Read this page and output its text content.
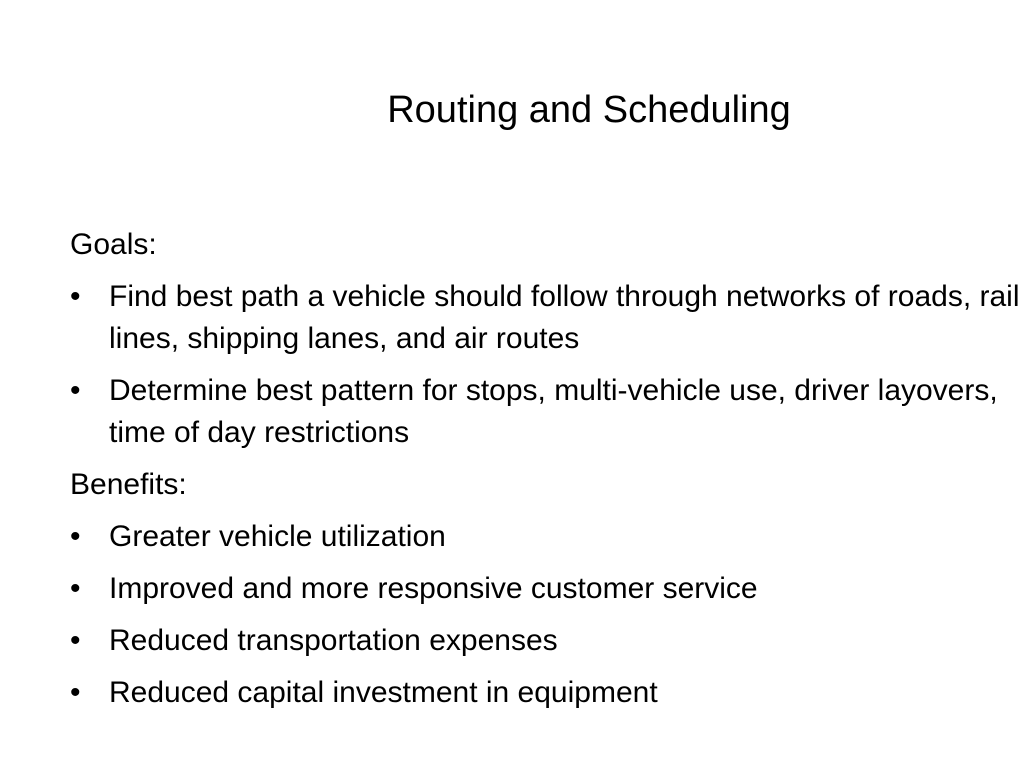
Routing and Scheduling
Goals:
• Find best path a vehicle should follow through networks of roads, rail lines, shipping lanes, and air routes
• Determine best pattern for stops, multi-vehicle use, driver layovers, time of day restrictions
Benefits:
• Greater vehicle utilization
• Improved and more responsive customer service
• Reduced transportation expenses
• Reduced capital investment in equipment
